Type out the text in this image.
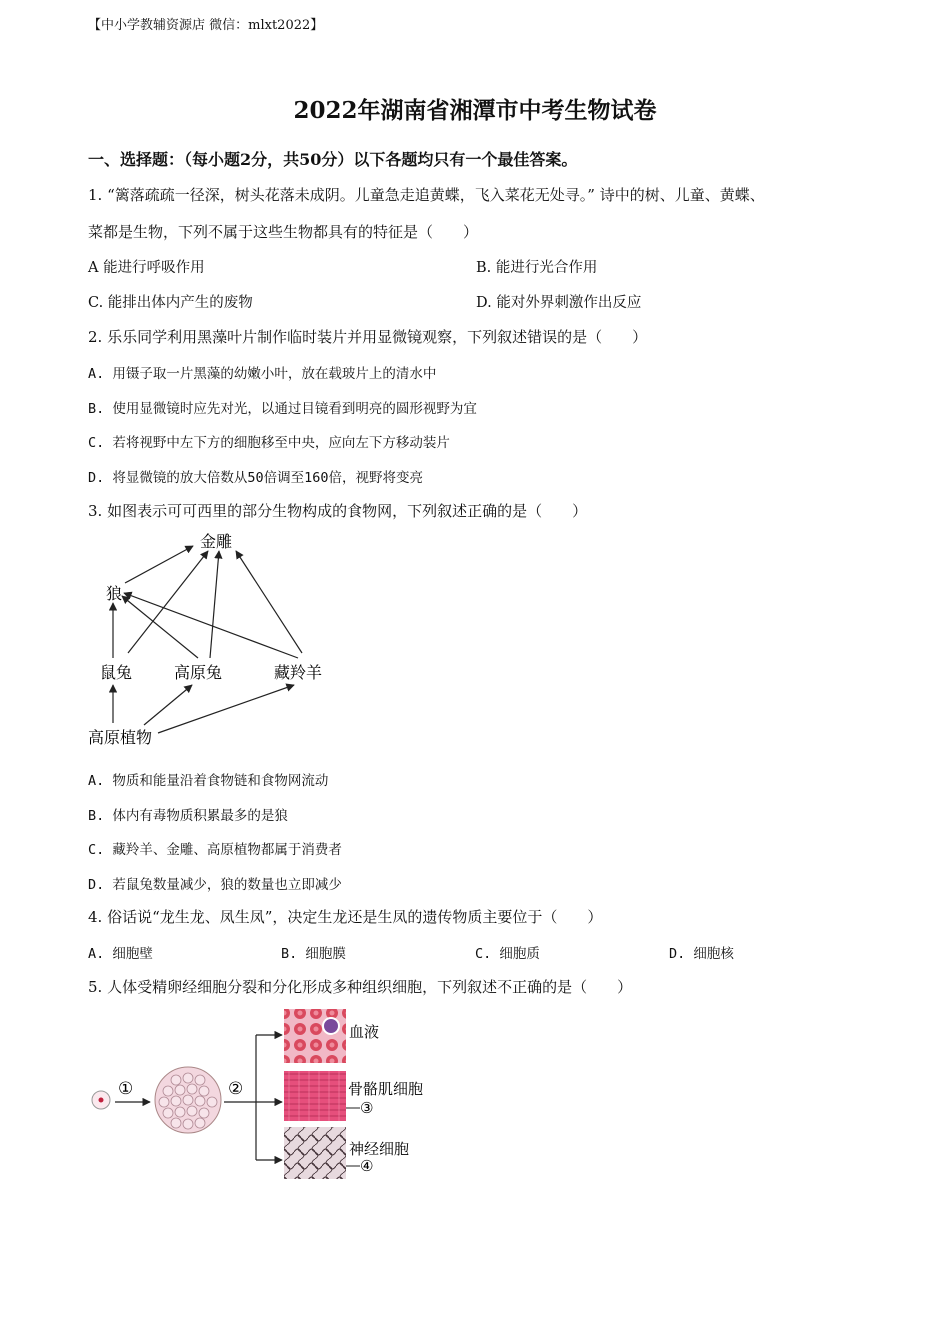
【中小学教辅资源店 微信：mlxt2022】
2022年湖南省湘潭市中考生物试卷
一、选择题：（每小题2分，共50分）以下各题均只有一个最佳答案。
1. “篱落疏疏一径深，树头花落未成阴。儿童急走追黄蝶，飞入菜花无处寻。” 诗中的树、儿童、黄蝶、
菜都是生物，下列不属于这些生物都具有的特征是（　　）
A 能进行呼吸作用	B. 能进行光合作用
C. 能排出体内产生的废物	D. 能对外界刺激作出反应
2. 乐乐同学利用黑藻叶片制作临时装片并用显微镜观察，下列叙述错误的是（　　）
A. 用镊子取一片黑藻的幼嫩小叶，放在载玻片上的清水中
B. 使用显微镜时应先对光，以通过目镜看到明亮的圆形视野为宜
C. 若将视野中左下方的细胞移至中央，应向左下方移动装片
D. 将显微镜的放大倍数从50倍调至160倍，视野将变亮
3. 如图表示可可西里的部分生物构成的食物网，下列叙述正确的是（　　）
金雕
狼
鼠兔	高原兔	藏羚羊
高原植物
A. 物质和能量沿着食物链和食物网流动
B. 体内有毒物质积累最多的是狼
C. 藏羚羊、金雕、高原植物都属于消费者
D. 若鼠兔数量减少，狼的数量也立即减少
4. 俗话说“龙生龙、凤生凤”，决定生龙还是生凤的遗传物质主要位于（　　）
A. 细胞壁	B. 细胞膜	C. 细胞质	D. 细胞核
5. 人体受精卵经细胞分裂和分化形成多种组织细胞，下列叙述不正确的是（　　）
①	②
血液
骨骼肌细胞
③
神经细胞
④
